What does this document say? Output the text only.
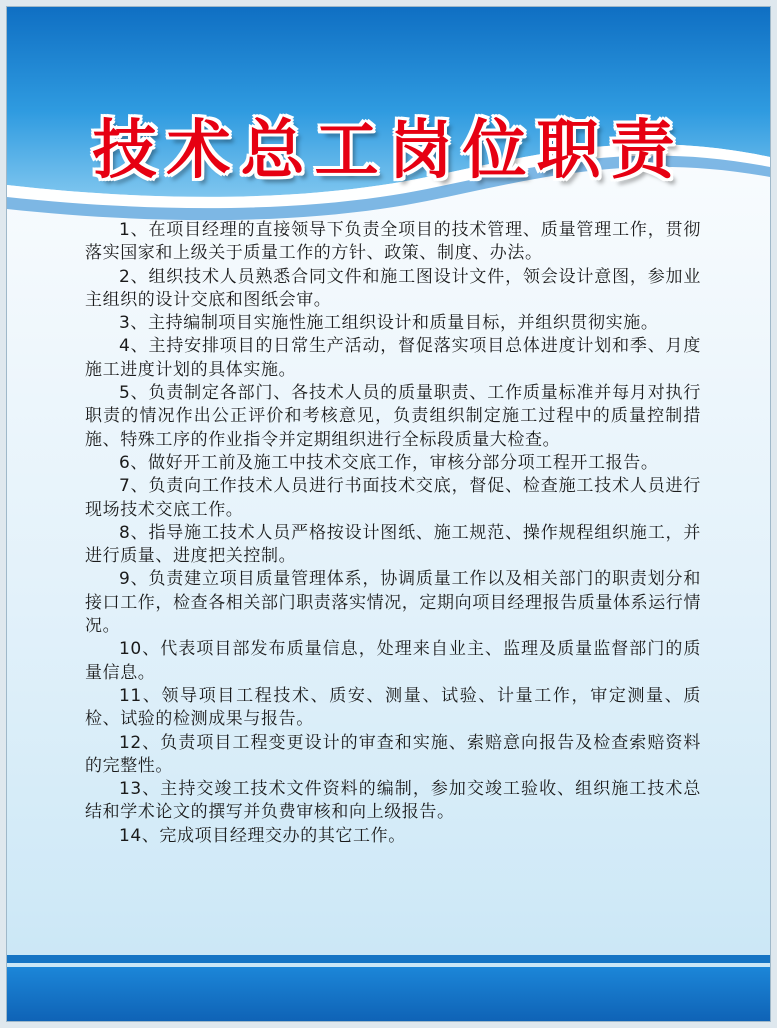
技术总工岗位职责

1、在项目经理的直接领导下负责全项目的技术管理、质量管理工作，贯彻落实国家和上级关于质量工作的方针、政策、制度、办法。

2、组织技术人员熟悉合同文件和施工图设计文件，领会设计意图，参加业主组织的设计交底和图纸会审。

3、主持编制项目实施性施工组织设计和质量目标，并组织贯彻实施。

4、主持安排项目的日常生产活动，督促落实项目总体进度计划和季、月度施工进度计划的具体实施。

5、负责制定各部门、各技术人员的质量职责、工作质量标准并每月对执行职责的情况作出公正评价和考核意见，负责组织制定施工过程中的质量控制措施、特殊工序的作业指令并定期组织进行全标段质量大检查。

6、做好开工前及施工中技术交底工作，审核分部分项工程开工报告。

7、负责向工作技术人员进行书面技术交底，督促、检查施工技术人员进行现场技术交底工作。

8、指导施工技术人员严格按设计图纸、施工规范、操作规程组织施工，并进行质量、进度把关控制。

9、负责建立项目质量管理体系，协调质量工作以及相关部门的职责划分和接口工作，检查各相关部门职责落实情况，定期向项目经理报告质量体系运行情况。

10、代表项目部发布质量信息，处理来自业主、监理及质量监督部门的质量信息。

11、领导项目工程技术、质安、测量、试验、计量工作，审定测量、质检、试验的检测成果与报告。

12、负责项目工程变更设计的审查和实施、索赔意向报告及检查索赔资料的完整性。

13、主持交竣工技术文件资料的编制，参加交竣工验收、组织施工技术总结和学术论文的撰写并负费审核和向上级报告。

14、完成项目经理交办的其它工作。
